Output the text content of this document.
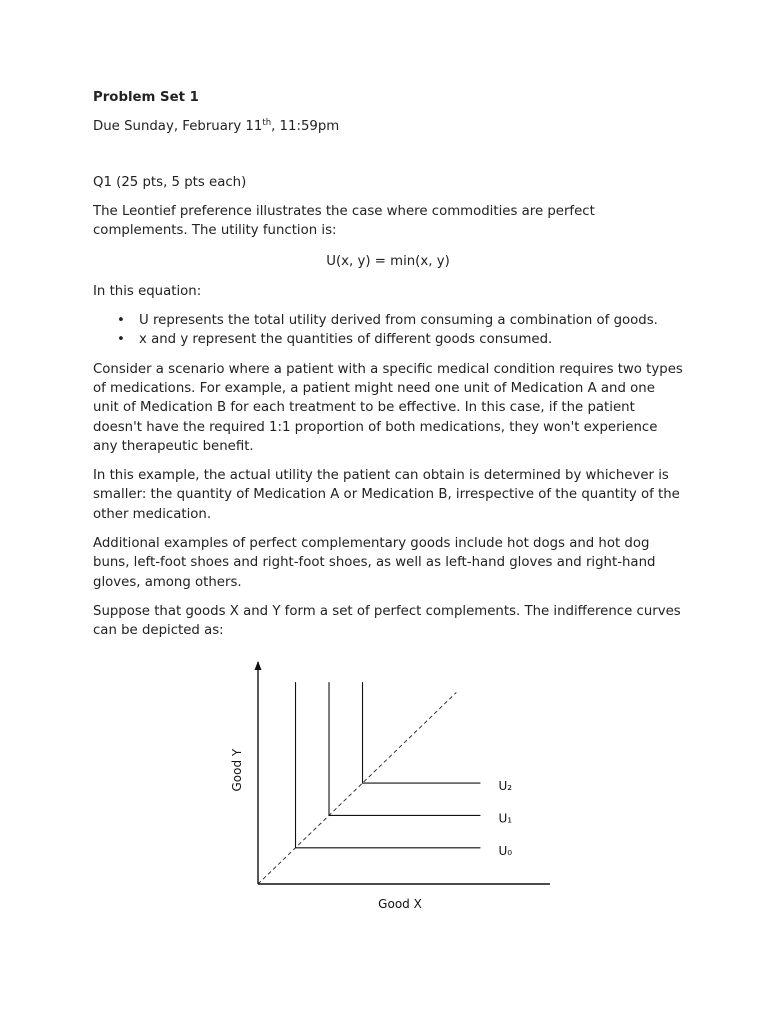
Problem Set 1
Due Sunday, February 11th, 11:59pm
Q1 (25 pts, 5 pts each)
The Leontief preference illustrates the case where commodities are perfect complements. The utility function is:
U(x, y) = min(x, y)
In this equation:
• U represents the total utility derived from consuming a combination of goods.
• x and y represent the quantities of different goods consumed.
Consider a scenario where a patient with a specific medical condition requires two types of medications. For example, a patient might need one unit of Medication A and one unit of Medication B for each treatment to be effective. In this case, if the patient doesn't have the required 1:1 proportion of both medications, they won't experience any therapeutic benefit.
In this example, the actual utility the patient can obtain is determined by whichever is smaller: the quantity of Medication A or Medication B, irrespective of the quantity of the other medication.
Additional examples of perfect complementary goods include hot dogs and hot dog buns, left-foot shoes and right-foot shoes, as well as left-hand gloves and right-hand gloves, among others.
Suppose that goods X and Y form a set of perfect complements. The indifference curves can be depicted as:
U₀
U₁
U₂
Good X
Good Y
